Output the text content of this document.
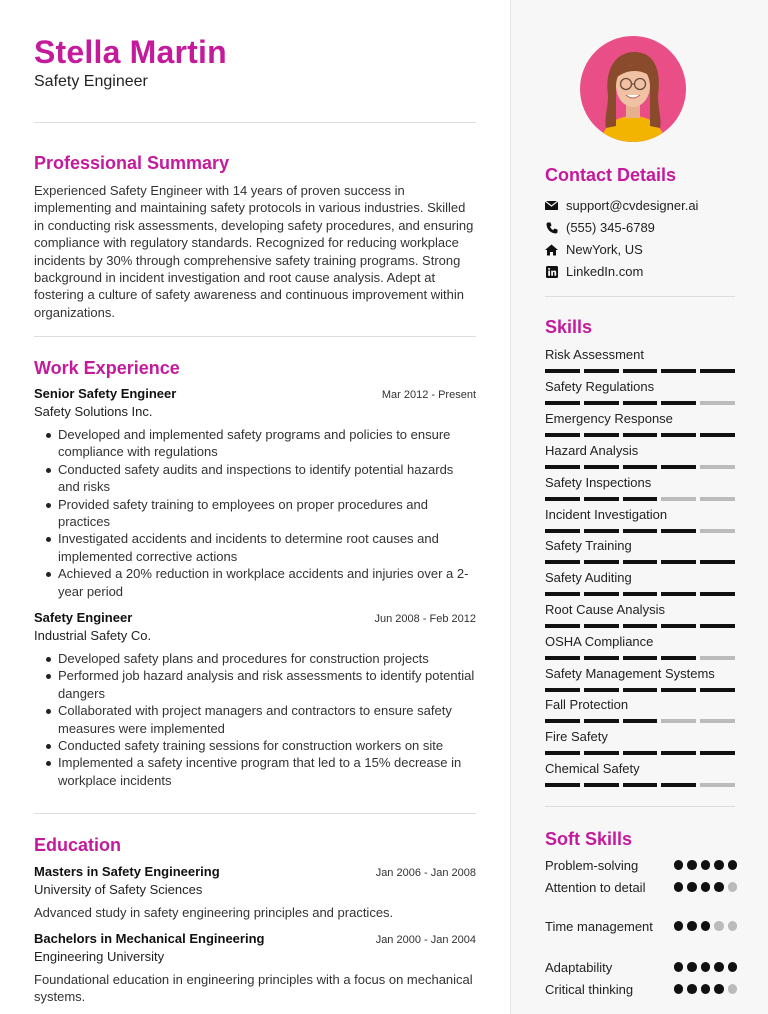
Stella Martin
Safety Engineer
Professional Summary

Experienced Safety Engineer with 14 years of proven success in implementing and maintaining safety protocols in various industries. Skilled in conducting risk assessments, developing safety procedures, and ensuring compliance with regulatory standards. Recognized for reducing workplace incidents by 30% through comprehensive safety training programs. Strong background in incident investigation and root cause analysis. Adept at fostering a culture of safety awareness and continuous improvement within organizations.

Work Experience
Senior Safety Engineer	Mar 2012 - Present
Safety Solutions Inc.
Developed and implemented safety programs and policies to ensure compliance with regulations
Conducted safety audits and inspections to identify potential hazards and risks
Provided safety training to employees on proper procedures and practices
Investigated accidents and incidents to determine root causes and implemented corrective actions
Achieved a 20% reduction in workplace accidents and injuries over a 2-year period
Safety Engineer	Jun 2008 - Feb 2012
Industrial Safety Co.
Developed safety plans and procedures for construction projects
Performed job hazard analysis and risk assessments to identify potential dangers
Collaborated with project managers and contractors to ensure safety measures were implemented
Conducted safety training sessions for construction workers on site
Implemented a safety incentive program that led to a 15% decrease in workplace incidents
Education
Masters in Safety Engineering	Jan 2006 - Jan 2008
University of Safety Sciences
Advanced study in safety engineering principles and practices.
Bachelors in Mechanical Engineering	Jan 2000 - Jan 2004
Engineering University
Foundational education in engineering principles with a focus on mechanical systems.
Contact Details
support@cvdesigner.ai
(555) 345-6789
NewYork, US
LinkedIn.com
Skills
Risk Assessment
Safety Regulations
Emergency Response
Hazard Analysis
Safety Inspections
Incident Investigation
Safety Training
Safety Auditing
Root Cause Analysis
OSHA Compliance
Safety Management Systems
Fall Protection
Fire Safety
Chemical Safety
Soft Skills
Problem-solving
Attention to detail
Time management
Adaptability
Critical thinking
